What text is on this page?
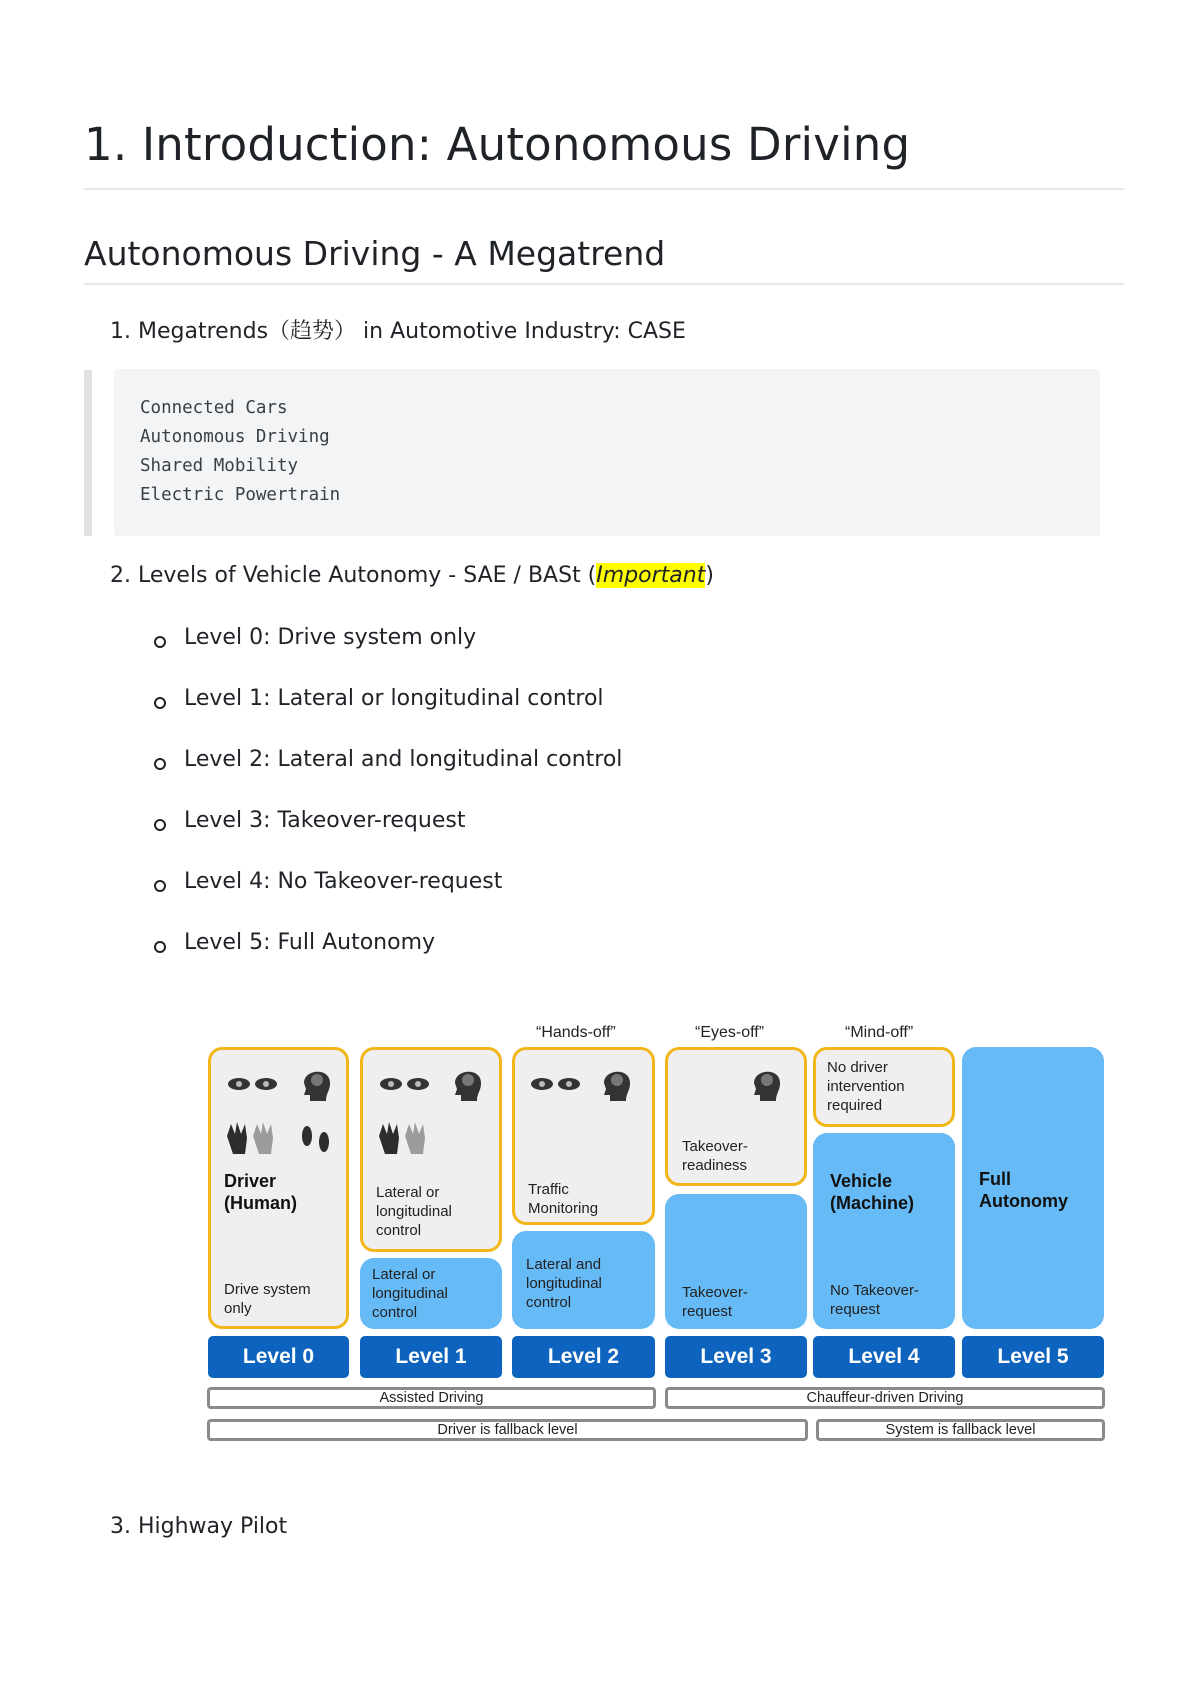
1. Introduction: Autonomous Driving
Autonomous Driving - A Megatrend
1. Megatrends（趋势） in Automotive Industry: CASE
Connected Cars
Autonomous Driving
Shared Mobility
Electric Powertrain
2. Levels of Vehicle Autonomy - SAE / BASt (Important)
Level 0: Drive system only
Level 1: Lateral or longitudinal control
Level 2: Lateral and longitudinal control
Level 3: Takeover-request
Level 4: No Takeover-request
Level 5: Full Autonomy
“Hands-off”	“Eyes-off”	“Mind-off”
Driver (Human)
Drive system only
Lateral or longitudinal control
Lateral or longitudinal control
Traffic Monitoring
Lateral and longitudinal control
Takeover-readiness
Takeover-request
No driver intervention required
Vehicle (Machine)
No Takeover-request
Full Autonomy
Level 0	Level 1	Level 2	Level 3	Level 4	Level 5
Assisted Driving	Chauffeur-driven Driving
Driver is fallback level	System is fallback level
3. Highway Pilot
